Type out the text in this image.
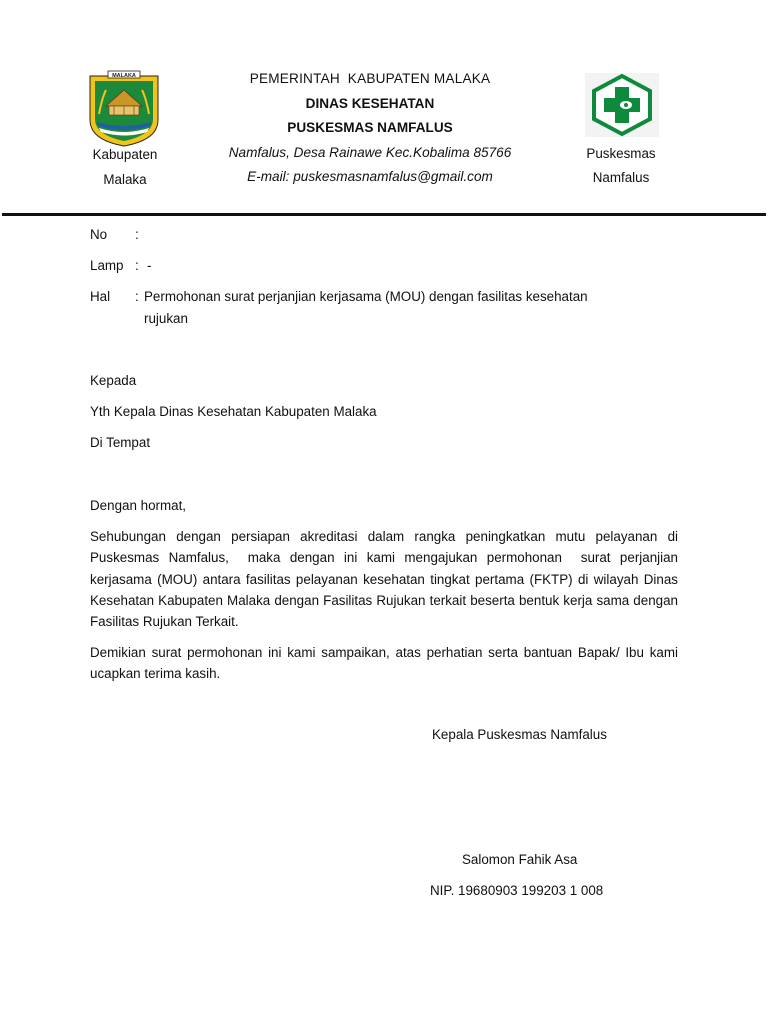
MALAKA
Kabupaten
Malaka
PEMERINTAH  KABUPATEN MALAKA
DINAS KESEHATAN
PUSKESMAS NAMFALUS
Namfalus, Desa Rainawe Kec.Kobalima 85766
E-mail: puskesmasnamfalus@gmail.com
Puskesmas
Namfalus
No :
Lamp : -
Hal : Permohonan surat perjanjian kerjasama (MOU) dengan fasilitas kesehatan
rujukan
Kepada
Yth Kepala Dinas Kesehatan Kabupaten Malaka
Di Tempat
Dengan hormat,
Sehubungan dengan persiapan akreditasi dalam rangka peningkatkan mutu pelayanan di Puskesmas Namfalus,  maka dengan ini kami mengajukan permohonan  surat perjanjian kerjasama (MOU) antara fasilitas pelayanan kesehatan tingkat pertama (FKTP) di wilayah Dinas Kesehatan Kabupaten Malaka dengan Fasilitas Rujukan terkait beserta bentuk kerja sama dengan Fasilitas Rujukan Terkait.
Demikian surat permohonan ini kami sampaikan, atas perhatian serta bantuan Bapak/ Ibu kami ucapkan terima kasih.
Kepala Puskesmas Namfalus
Salomon Fahik Asa
NIP. 19680903 199203 1 008
